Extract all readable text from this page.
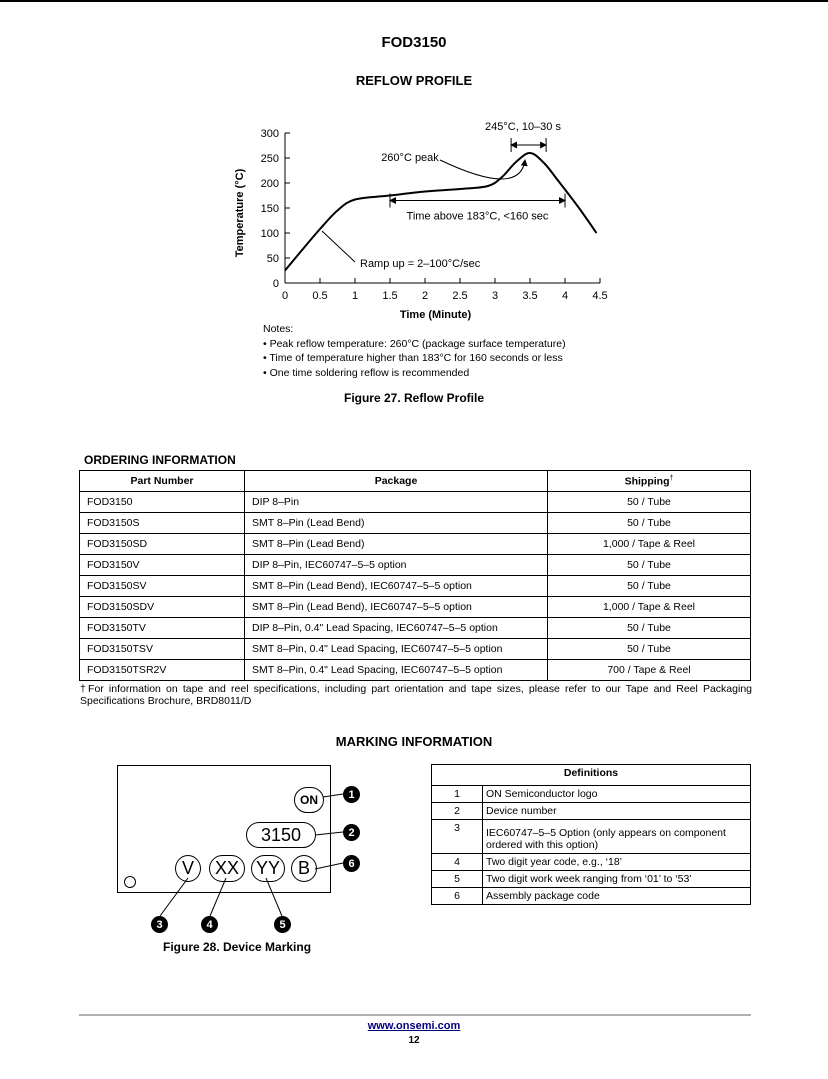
FOD3150
REFLOW PROFILE
0 0.5 1 1.5 2 2.5 3 3.5 4 4.5
0
50
100
150
200
250
300
Temperature (°C)
Time (Minute)
245°C, 10–30 s
260°C peak
Time above 183°C, <160 sec
Ramp up = 2–100°C/sec
Notes:
• Peak reflow temperature: 260°C (package surface temperature)
• Time of temperature higher than 183°C for 160 seconds or less
• One time soldering reflow is recommended
Figure 27. Reflow Profile
ORDERING INFORMATION
Part Number	Package	Shipping†
FOD3150	DIP 8–Pin	50 / Tube
FOD3150S	SMT 8–Pin (Lead Bend)	50 / Tube
FOD3150SD	SMT 8–Pin (Lead Bend)	1,000 / Tape & Reel
FOD3150V	DIP 8–Pin, IEC60747–5–5 option	50 / Tube
FOD3150SV	SMT 8–Pin (Lead Bend), IEC60747–5–5 option	50 / Tube
FOD3150SDV	SMT 8–Pin (Lead Bend), IEC60747–5–5 option	1,000 / Tape & Reel
FOD3150TV	DIP 8–Pin, 0.4" Lead Spacing, IEC60747–5–5 option	50 / Tube
FOD3150TSV	SMT 8–Pin, 0.4" Lead Spacing, IEC60747–5–5 option	50 / Tube
FOD3150TSR2V	SMT 8–Pin, 0.4" Lead Spacing, IEC60747–5–5 option	700 / Tape & Reel
†For information on tape and reel specifications, including part orientation and tape sizes, please refer to our Tape and Reel Packaging Specifications Brochure, BRD8011/D
MARKING INFORMATION
ON
3150
V XX YY B
1
2
6
3	4	5
Figure 28. Device Marking
Definitions	
1	ON Semiconductor logo
2	Device number
3	IEC60747–5–5 Option (only appears on component ordered with this option)
4	Two digit year code, e.g., ‘18’
5	Two digit work week ranging from ‘01’ to ‘53’
6	Assembly package code
www.onsemi.com
12
